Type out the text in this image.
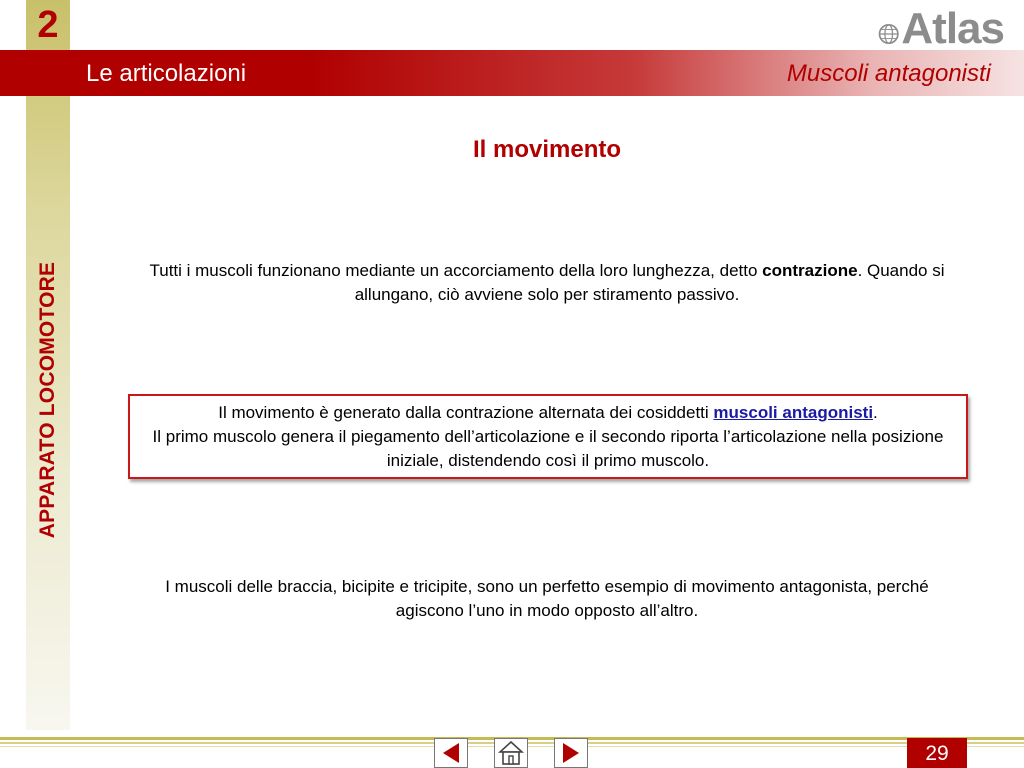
2
APPARATO LOCOMOTORE
Le articolazioni	Muscoli antagonisti
Atlas
Il movimento
Tutti i muscoli funzionano mediante un accorciamento della loro lunghezza, detto contrazione. Quando si allungano, ciò avviene solo per stiramento passivo.
Il movimento è generato dalla contrazione alternata dei cosiddetti muscoli antagonisti.
Il primo muscolo genera il piegamento dell’articolazione e il secondo riporta l’articolazione nella posizione iniziale, distendendo così il primo muscolo.
I muscoli delle braccia, bicipite e tricipite, sono un perfetto esempio di movimento antagonista, perché agiscono l’uno in modo opposto all’altro.
29
